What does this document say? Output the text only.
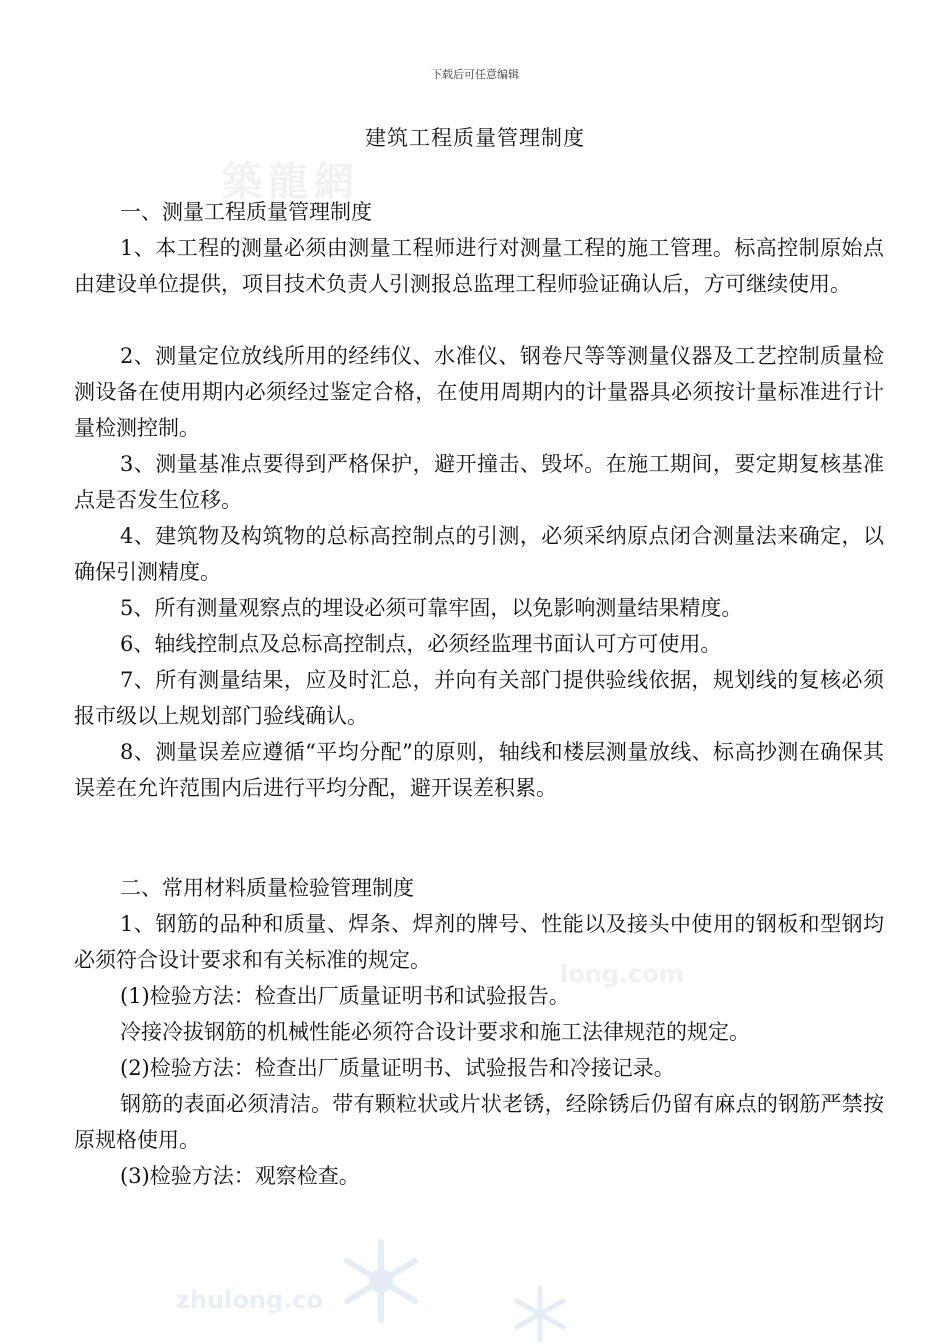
下载后可任意编辑
築龍網
建筑工程质量管理制度
一、测量工程质量管理制度

1、本工程的测量必须由测量工程师进行对测量工程的施工管理。标高控制原始点由建设单位提供，项目技术负责人引测报总监理工程师验证确认后，方可继续使用。

2、测量定位放线所用的经纬仪、水准仪、钢卷尺等等测量仪器及工艺控制质量检测设备在使用期内必须经过鉴定合格，在使用周期内的计量器具必须按计量标准进行计量检测控制。

3、测量基准点要得到严格保护，避开撞击、毁坏。在施工期间，要定期复核基准点是否发生位移。

4、建筑物及构筑物的总标高控制点的引测，必须采纳原点闭合测量法来确定，以确保引测精度。

5、所有测量观察点的埋设必须可靠牢固，以免影响测量结果精度。

6、轴线控制点及总标高控制点，必须经监理书面认可方可使用。

7、所有测量结果，应及时汇总，并向有关部门提供验线依据，规划线的复核必须报市级以上规划部门验线确认。

8、测量误差应遵循“平均分配”的原则，轴线和楼层测量放线、标高抄测在确保其误差在允许范围内后进行平均分配，避开误差积累。

二、常用材料质量检验管理制度
long.com

1、钢筋的品种和质量、焊条、焊剂的牌号、性能以及接头中使用的钢板和型钢均必须符合设计要求和有关标准的规定。

(1)检验方法：检查出厂质量证明书和试验报告。
冷接冷拔钢筋的机械性能必须符合设计要求和施工法律规范的规定。
(2)检验方法：检查出厂质量证明书、试验报告和冷接记录。

钢筋的表面必须清洁。带有颗粒状或片状老锈，经除锈后仍留有麻点的钢筋严禁按原规格使用。

(3)检验方法：观察检查。
zhulong.co
